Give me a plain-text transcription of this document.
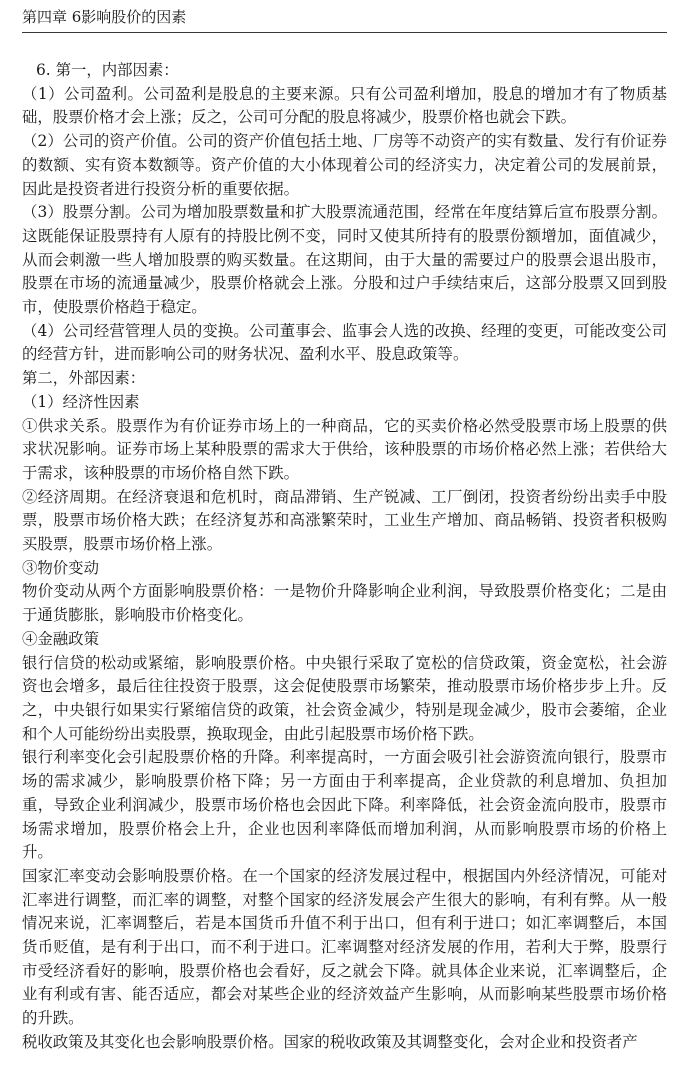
第四章 6影响股价的因素

6. 第一，内部因素：

（1）公司盈利。公司盈利是股息的主要来源。只有公司盈利增加，股息的增加才有了物质基础，股票价格才会上涨；反之，公司可分配的股息将减少，股票价格也就会下跌。

（2）公司的资产价值。公司的资产价值包括土地、厂房等不动资产的实有数量、发行有价证券的数额、实有资本数额等。资产价值的大小体现着公司的经济实力，决定着公司的发展前景，因此是投资者进行投资分析的重要依据。

（3）股票分割。公司为增加股票数量和扩大股票流通范围，经常在年度结算后宣布股票分割。这既能保证股票持有人原有的持股比例不变，同时又使其所持有的股票份额增加，面值减少，从而会刺激一些人增加股票的购买数量。在这期间，由于大量的需要过户的股票会退出股市，股票在市场的流通量减少，股票价格就会上涨。分股和过户手续结束后，这部分股票又回到股市，使股票价格趋于稳定。

（4）公司经营管理人员的变换。公司董事会、监事会人选的改换、经理的变更，可能改变公司的经营方针，进而影响公司的财务状况、盈利水平、股息政策等。

第二，外部因素：

（1）经济性因素

①供求关系。股票作为有价证券市场上的一种商品，它的买卖价格必然受股票市场上股票的供求状况影响。证券市场上某种股票的需求大于供给，该种股票的市场价格必然上涨；若供给大于需求，该种股票的市场价格自然下跌。

②经济周期。在经济衰退和危机时，商品滞销、生产锐减、工厂倒闭，投资者纷纷出卖手中股票，股票市场价格大跌；在经济复苏和高涨繁荣时，工业生产增加、商品畅销、投资者积极购买股票，股票市场价格上涨。

③物价变动

物价变动从两个方面影响股票价格：一是物价升降影响企业利润，导致股票价格变化；二是由于通货膨胀，影响股市价格变化。

④金融政策

银行信贷的松动或紧缩，影响股票价格。中央银行采取了宽松的信贷政策，资金宽松，社会游资也会增多，最后往往投资于股票，这会促使股票市场繁荣，推动股票市场价格步步上升。反之，中央银行如果实行紧缩信贷的政策，社会资金减少，特别是现金减少，股市会萎缩，企业和个人可能纷纷出卖股票，换取现金，由此引起股票市场价格下跌。

银行利率变化会引起股票价格的升降。利率提高时，一方面会吸引社会游资流向银行，股票市场的需求减少，影响股票价格下降；另一方面由于利率提高，企业贷款的利息增加、负担加重，导致企业利润减少，股票市场价格也会因此下降。利率降低，社会资金流向股市，股票市场需求增加，股票价格会上升，企业也因利率降低而增加利润，从而影响股票市场的价格上升。

国家汇率变动会影响股票价格。在一个国家的经济发展过程中，根据国内外经济情况，可能对汇率进行调整，而汇率的调整，对整个国家的经济发展会产生很大的影响，有利有弊。从一般情况来说，汇率调整后，若是本国货币升值不利于出口，但有利于进口；如汇率调整后，本国货币贬值，是有利于出口，而不利于进口。汇率调整对经济发展的作用，若利大于弊，股票行市受经济看好的影响，股票价格也会看好，反之就会下降。就具体企业来说，汇率调整后，企业有利或有害、能否适应，都会对某些企业的经济效益产生影响，从而影响某些股票市场价格的升跌。

税收政策及其变化也会影响股票价格。国家的税收政策及其调整变化，会对企业和投资者产
